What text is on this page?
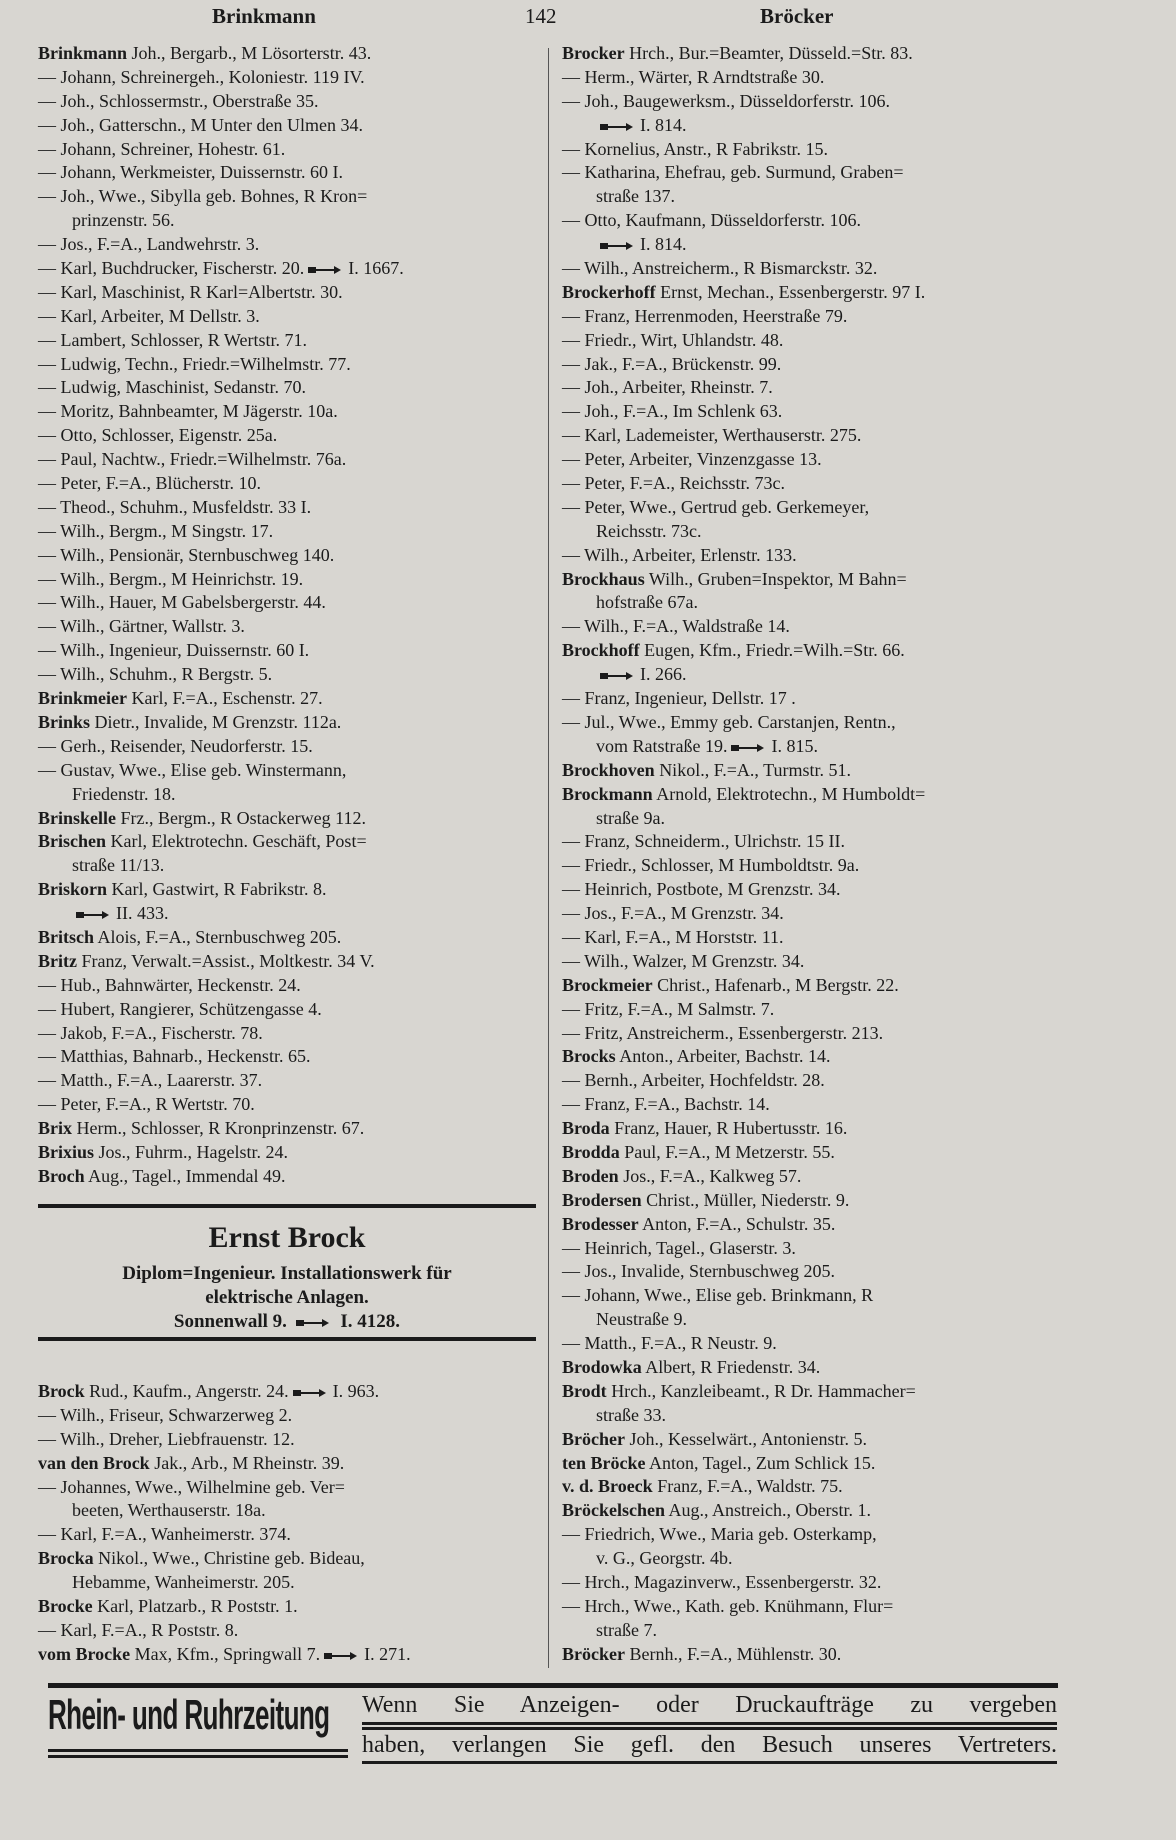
Brinkmann	142	Bröcker
Brinkmann Joh., Bergarb., M Lösorterstr. 43.
— Johann, Schreinergeh., Koloniestr. 119 IV.
— Joh., Schlossermstr., Oberstraße 35.
— Joh., Gatterschn., M Unter den Ulmen 34.
— Johann, Schreiner, Hohestr. 61.
— Johann, Werkmeister, Duissernstr. 60 I.
— Joh., Wwe., Sibylla geb. Bohnes, R Kron=
prinzenstr. 56.
— Jos., F.=A., Landwehrstr. 3.
— Karl, Buchdrucker, Fischerstr. 20. I. 1667.
— Karl, Maschinist, R Karl=Albertstr. 30.
— Karl, Arbeiter, M Dellstr. 3.
— Lambert, Schlosser, R Wertstr. 71.
— Ludwig, Techn., Friedr.=Wilhelmstr. 77.
— Ludwig, Maschinist, Sedanstr. 70.
— Moritz, Bahnbeamter, M Jägerstr. 10a.
— Otto, Schlosser, Eigenstr. 25a.
— Paul, Nachtw., Friedr.=Wilhelmstr. 76a.
— Peter, F.=A., Blücherstr. 10.
— Theod., Schuhm., Musfeldstr. 33 I.
— Wilh., Bergm., M Singstr. 17.
— Wilh., Pensionär, Sternbuschweg 140.
— Wilh., Bergm., M Heinrichstr. 19.
— Wilh., Hauer, M Gabelsbergerstr. 44.
— Wilh., Gärtner, Wallstr. 3.
— Wilh., Ingenieur, Duissernstr. 60 I.
— Wilh., Schuhm., R Bergstr. 5.
Brinkmeier Karl, F.=A., Eschenstr. 27.
Brinks Dietr., Invalide, M Grenzstr. 112a.
— Gerh., Reisender, Neudorferstr. 15.
— Gustav, Wwe., Elise geb. Winstermann,
Friedenstr. 18.
Brinskelle Frz., Bergm., R Ostackerweg 112.
Brischen Karl, Elektrotechn. Geschäft, Post=
straße 11/13.
Briskorn Karl, Gastwirt, R Fabrikstr. 8.
II. 433.
Britsch Alois, F.=A., Sternbuschweg 205.
Britz Franz, Verwalt.=Assist., Moltkestr. 34 V.
— Hub., Bahnwärter, Heckenstr. 24.
— Hubert, Rangierer, Schützengasse 4.
— Jakob, F.=A., Fischerstr. 78.
— Matthias, Bahnarb., Heckenstr. 65.
— Matth., F.=A., Laarerstr. 37.
— Peter, F.=A., R Wertstr. 70.
Brix Herm., Schlosser, R Kronprinzenstr. 67.
Brixius Jos., Fuhrm., Hagelstr. 24.
Broch Aug., Tagel., Immendal 49.
Ernst Brock
Diplom=Ingenieur. Installationswerk für
elektrische Anlagen.
Sonnenwall 9.	I. 4128.
Brock Rud., Kaufm., Angerstr. 24. I. 963.
— Wilh., Friseur, Schwarzerweg 2.
— Wilh., Dreher, Liebfrauenstr. 12.
van den Brock Jak., Arb., M Rheinstr. 39.
— Johannes, Wwe., Wilhelmine geb. Ver=
beeten, Werthauserstr. 18a.
— Karl, F.=A., Wanheimerstr. 374.
Brocka Nikol., Wwe., Christine geb. Bideau,
Hebamme, Wanheimerstr. 205.
Brocke Karl, Platzarb., R Poststr. 1.
— Karl, F.=A., R Poststr. 8.
vom Brocke Max, Kfm., Springwall 7. I. 271.
Brocker Hrch., Bur.=Beamter, Düsseld.=Str. 83.
— Herm., Wärter, R Arndtstraße 30.
— Joh., Baugewerksm., Düsseldorferstr. 106.
I. 814.
— Kornelius, Anstr., R Fabrikstr. 15.
— Katharina, Ehefrau, geb. Surmund, Graben=
straße 137.
— Otto, Kaufmann, Düsseldorferstr. 106.
I. 814.
— Wilh., Anstreicherm., R Bismarckstr. 32.
Brockerhoff Ernst, Mechan., Essenbergerstr. 97 I.
— Franz, Herrenmoden, Heerstraße 79.
— Friedr., Wirt, Uhlandstr. 48.
— Jak., F.=A., Brückenstr. 99.
— Joh., Arbeiter, Rheinstr. 7.
— Joh., F.=A., Im Schlenk 63.
— Karl, Lademeister, Werthauserstr. 275.
— Peter, Arbeiter, Vinzenzgasse 13.
— Peter, F.=A., Reichsstr. 73c.
— Peter, Wwe., Gertrud geb. Gerkemeyer,
Reichsstr. 73c.
— Wilh., Arbeiter, Erlenstr. 133.
Brockhaus Wilh., Gruben=Inspektor, M Bahn=
hofstraße 67a.
— Wilh., F.=A., Waldstraße 14.
Brockhoff Eugen, Kfm., Friedr.=Wilh.=Str. 66.
I. 266.
— Franz, Ingenieur, Dellstr. 17 .
— Jul., Wwe., Emmy geb. Carstanjen, Rentn.,
vom Ratstraße 19. I. 815.
Brockhoven Nikol., F.=A., Turmstr. 51.
Brockmann Arnold, Elektrotechn., M Humboldt=
straße 9a.
— Franz, Schneiderm., Ulrichstr. 15 II.
— Friedr., Schlosser, M Humboldtstr. 9a.
— Heinrich, Postbote, M Grenzstr. 34.
— Jos., F.=A., M Grenzstr. 34.
— Karl, F.=A., M Horststr. 11.
— Wilh., Walzer, M Grenzstr. 34.
Brockmeier Christ., Hafenarb., M Bergstr. 22.
— Fritz, F.=A., M Salmstr. 7.
— Fritz, Anstreicherm., Essenbergerstr. 213.
Brocks Anton., Arbeiter, Bachstr. 14.
— Bernh., Arbeiter, Hochfeldstr. 28.
— Franz, F.=A., Bachstr. 14.
Broda Franz, Hauer, R Hubertusstr. 16.
Brodda Paul, F.=A., M Metzerstr. 55.
Broden Jos., F.=A., Kalkweg 57.
Brodersen Christ., Müller, Niederstr. 9.
Brodesser Anton, F.=A., Schulstr. 35.
— Heinrich, Tagel., Glaserstr. 3.
— Jos., Invalide, Sternbuschweg 205.
— Johann, Wwe., Elise geb. Brinkmann, R
Neustraße 9.
— Matth., F.=A., R Neustr. 9.
Brodowka Albert, R Friedenstr. 34.
Brodt Hrch., Kanzleibeamt., R Dr. Hammacher=
straße 33.
Bröcher Joh., Kesselwärt., Antonienstr. 5.
ten Bröcke Anton, Tagel., Zum Schlick 15.
v. d. Broeck Franz, F.=A., Waldstr. 75.
Bröckelschen Aug., Anstreich., Oberstr. 1.
— Friedrich, Wwe., Maria geb. Osterkamp,
v. G., Georgstr. 4b.
— Hrch., Magazinverw., Essenbergerstr. 32.
— Hrch., Wwe., Kath. geb. Knühmann, Flur=
straße 7.
Bröcker Bernh., F.=A., Mühlenstr. 30.
Rhein- und Ruhrzeitung Wenn Sie Anzeigen- oder Druckaufträge zu vergeben
haben, verlangen Sie gefl. den Besuch unseres Vertreters.
